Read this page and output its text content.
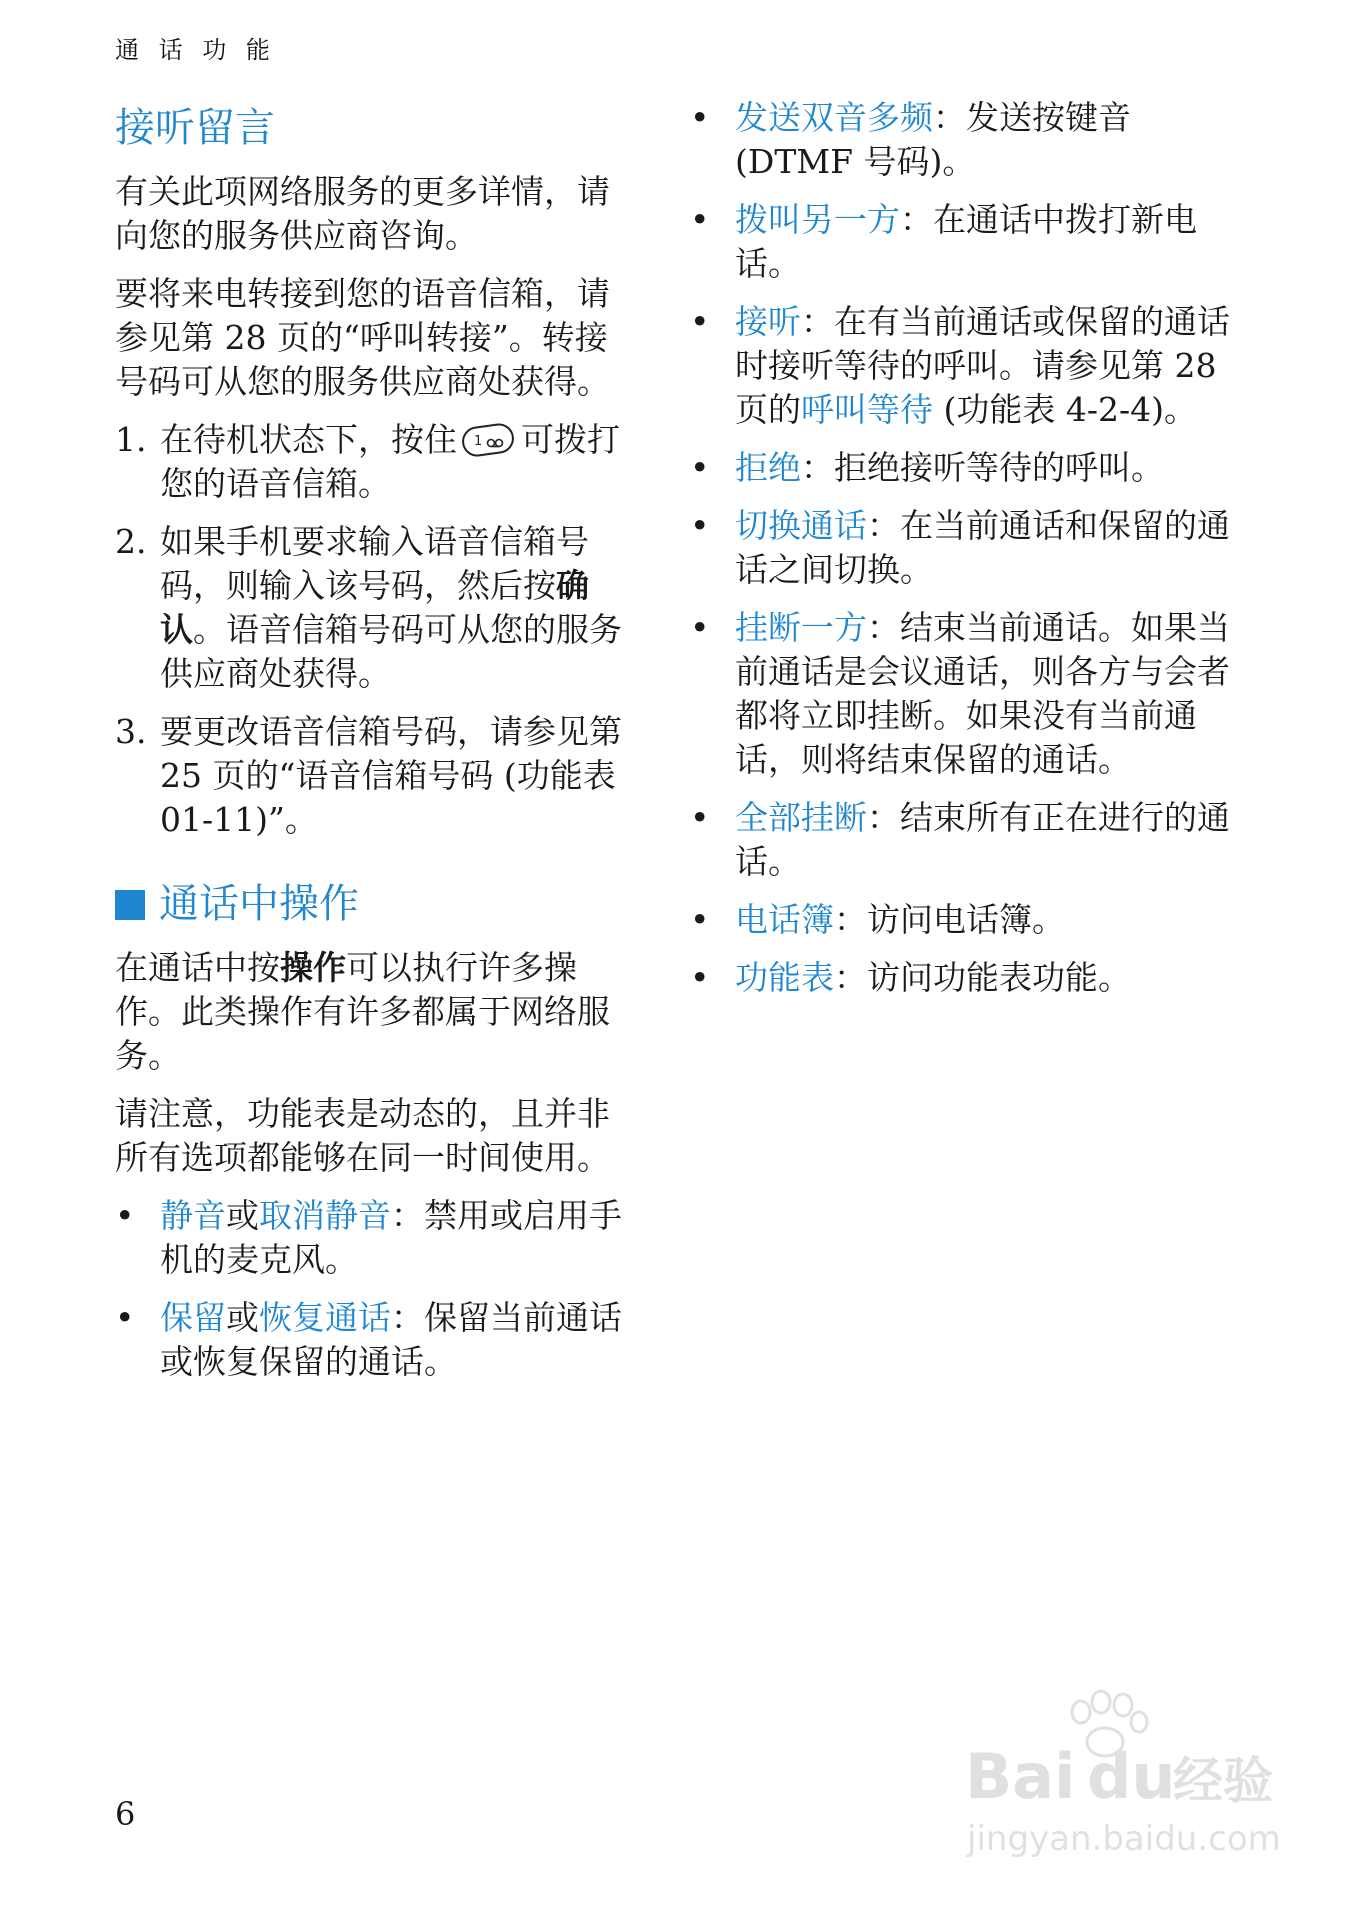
通 话 功 能
接听留言

有关此项网络服务的更多详情，请向您的服务供应商咨询。

要将来电转接到您的语音信箱，请参见第 28 页的“呼叫转接”。转接号码可从您的服务供应商处获得。

1. 在待机状态下，按住 1 可拨打您的语音信箱。
2. 如果手机要求输入语音信箱号码，则输入该号码，然后按确认。语音信箱号码可从您的服务供应商处获得。
3. 要更改语音信箱号码，请参见第 25 页的“语音信箱号码 (功能表 01-11)”。
通话中操作

在通话中按操作可以执行许多操作。此类操作有许多都属于网络服务。

请注意，功能表是动态的，且并非所有选项都能够在同一时间使用。

• 静音或取消静音：禁用或启用手机的麦克风。
• 保留或恢复通话：保留当前通话或恢复保留的通话。
• 发送双音多频：发送按键音 (DTMF 号码)。
• 拨叫另一方：在通话中拨打新电话。
• 接听：在有当前通话或保留的通话时接听等待的呼叫。请参见第 28 页的呼叫等待 (功能表 4-2-4)。
• 拒绝：拒绝接听等待的呼叫。
• 切换通话：在当前通话和保留的通话之间切换。
• 挂断一方：结束当前通话。如果当前通话是会议通话，则各方与会者都将立即挂断。如果没有当前通话，则将结束保留的通话。
• 全部挂断：结束所有正在进行的通话。
• 电话簿：访问电话簿。
• 功能表：访问功能表功能。
6
Bai du
经验
jingyan.baidu.com
